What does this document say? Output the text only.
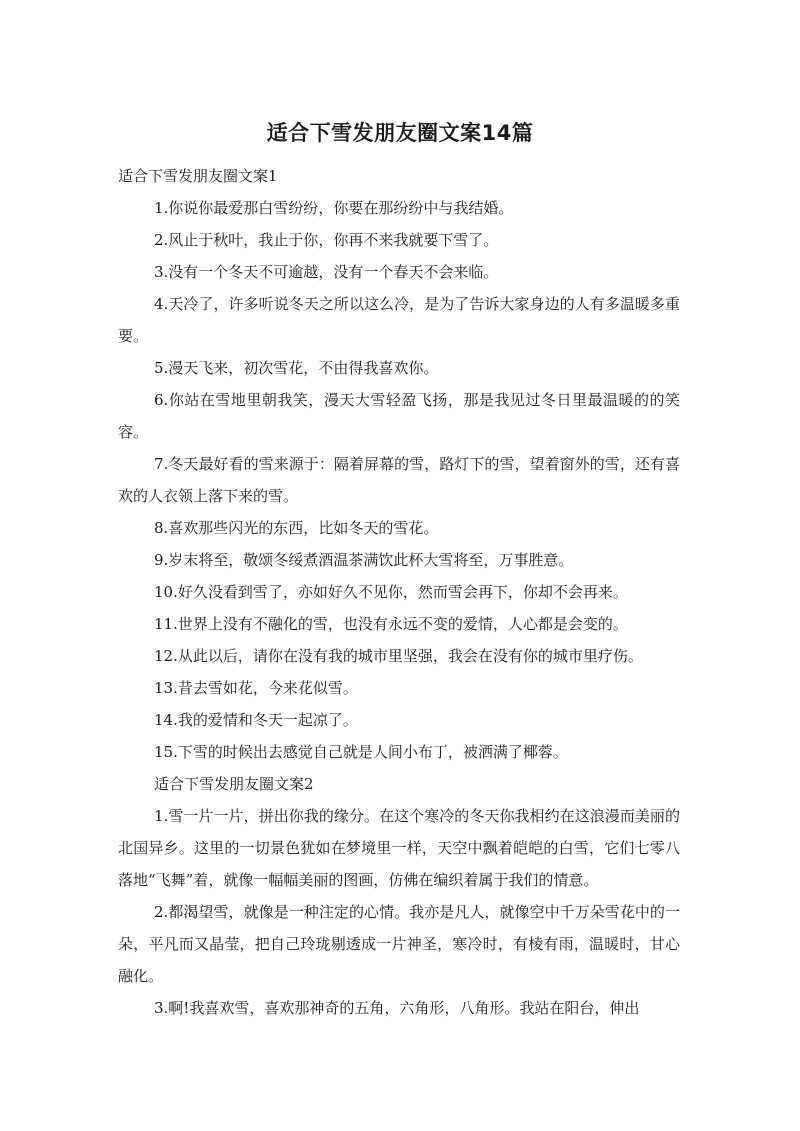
适合下雪发朋友圈文案14篇

适合下雪发朋友圈文案1

1.你说你最爱那白雪纷纷，你要在那纷纷中与我结婚。

2.风止于秋叶，我止于你，你再不来我就要下雪了。

3.没有一个冬天不可逾越，没有一个春天不会来临。

4.天冷了，许多听说冬天之所以这么冷，是为了告诉大家身边的人有多温暖多重要。

5.漫天飞来，初次雪花，不由得我喜欢你。

6.你站在雪地里朝我笑，漫天大雪轻盈飞扬，那是我见过冬日里最温暖的的笑容。

7.冬天最好看的雪来源于：隔着屏幕的雪，路灯下的雪，望着窗外的雪，还有喜欢的人衣领上落下来的雪。

8.喜欢那些闪光的东西，比如冬天的雪花。

9.岁末将至，敬颂冬绥煮酒温茶满饮此杯大雪将至，万事胜意。

10.好久没看到雪了，亦如好久不见你，然而雪会再下，你却不会再来。

11.世界上没有不融化的雪，也没有永远不变的爱情，人心都是会变的。

12.从此以后，请你在没有我的城市里坚强，我会在没有你的城市里疗伤。

13.昔去雪如花，今来花似雪。

14.我的爱情和冬天一起凉了。

15.下雪的时候出去感觉自己就是人间小布丁，被洒满了椰蓉。

适合下雪发朋友圈文案2

1.雪一片一片，拼出你我的缘分。在这个寒冷的冬天你我相约在这浪漫而美丽的北国异乡。这里的一切景色犹如在梦境里一样，天空中飘着皑皑的白雪，它们七零八落地“飞舞”着，就像一幅幅美丽的图画，仿佛在编织着属于我们的情意。

2.都渴望雪，就像是一种注定的心情。我亦是凡人，就像空中千万朵雪花中的一朵，平凡而又晶莹，把自己玲珑剔透成一片神圣，寒冷时，有棱有雨，温暖时，甘心融化。

3.啊!我喜欢雪，喜欢那神奇的五角，六角形，八角形。我站在阳台，伸出
